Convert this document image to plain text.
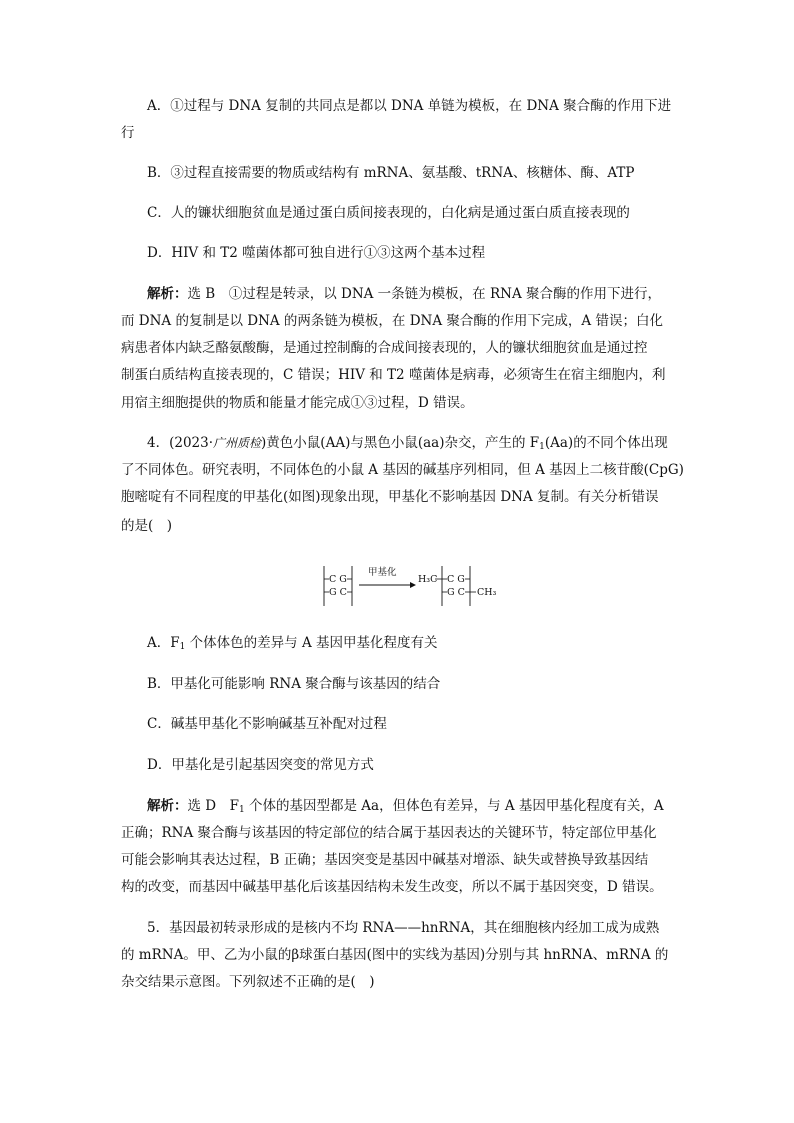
A．①过程与 DNA 复制的共同点是都以 DNA 单链为模板，在 DNA 聚合酶的作用下进
行
B．③过程直接需要的物质或结构有 mRNA、氨基酸、tRNA、核糖体、酶、ATP
C．人的镰状细胞贫血是通过蛋白质间接表现的，白化病是通过蛋白质直接表现的
D．HIV 和 T2 噬菌体都可独自进行①③这两个基本过程
解析：选 B　①过程是转录，以 DNA 一条链为模板，在 RNA 聚合酶的作用下进行，
而 DNA 的复制是以 DNA 的两条链为模板，在 DNA 聚合酶的作用下完成，A 错误；白化
病患者体内缺乏酪氨酸酶，是通过控制酶的合成间接表现的，人的镰状细胞贫血是通过控
制蛋白质结构直接表现的，C 错误；HIV 和 T2 噬菌体是病毒，必须寄生在宿主细胞内，利
用宿主细胞提供的物质和能量才能完成①③过程，D 错误。
4．(2023·广州质检)黄色小鼠(AA)与黑色小鼠(aa)杂交，产生的 $F_1(Aa)$的不同个体出现
了不同体色。研究表明，不同体色的小鼠 A 基因的碱基序列相同，但 A 基因上二核苷酸(CpG)
胞嘧啶有不同程度的甲基化(如图)现象出现，甲基化不影响基因 DNA 复制。有关分析错误
的是(　)
C G
G C
甲基化
H₃C C G
G C CH₃
A．$F_1$ 个体体色的差异与 A 基因甲基化程度有关
B．甲基化可能影响 RNA 聚合酶与该基因的结合
C．碱基甲基化不影响碱基互补配对过程
D．甲基化是引起基因突变的常见方式
解析：选 D　$F_1$ 个体的基因型都是 Aa，但体色有差异，与 A 基因甲基化程度有关，A
正确；RNA 聚合酶与该基因的特定部位的结合属于基因表达的关键环节，特定部位甲基化
可能会影响其表达过程，B 正确；基因突变是基因中碱基对增添、缺失或替换导致基因结
构的改变，而基因中碱基甲基化后该基因结构未发生改变，所以不属于基因突变，D 错误。
5．基因最初转录形成的是核内不均 RNA——hnRNA，其在细胞核内经加工成为成熟
的 mRNA。甲、乙为小鼠的β球蛋白基因(图中的实线为基因)分别与其 hnRNA、mRNA 的
杂交结果示意图。下列叙述不正确的是(　)
